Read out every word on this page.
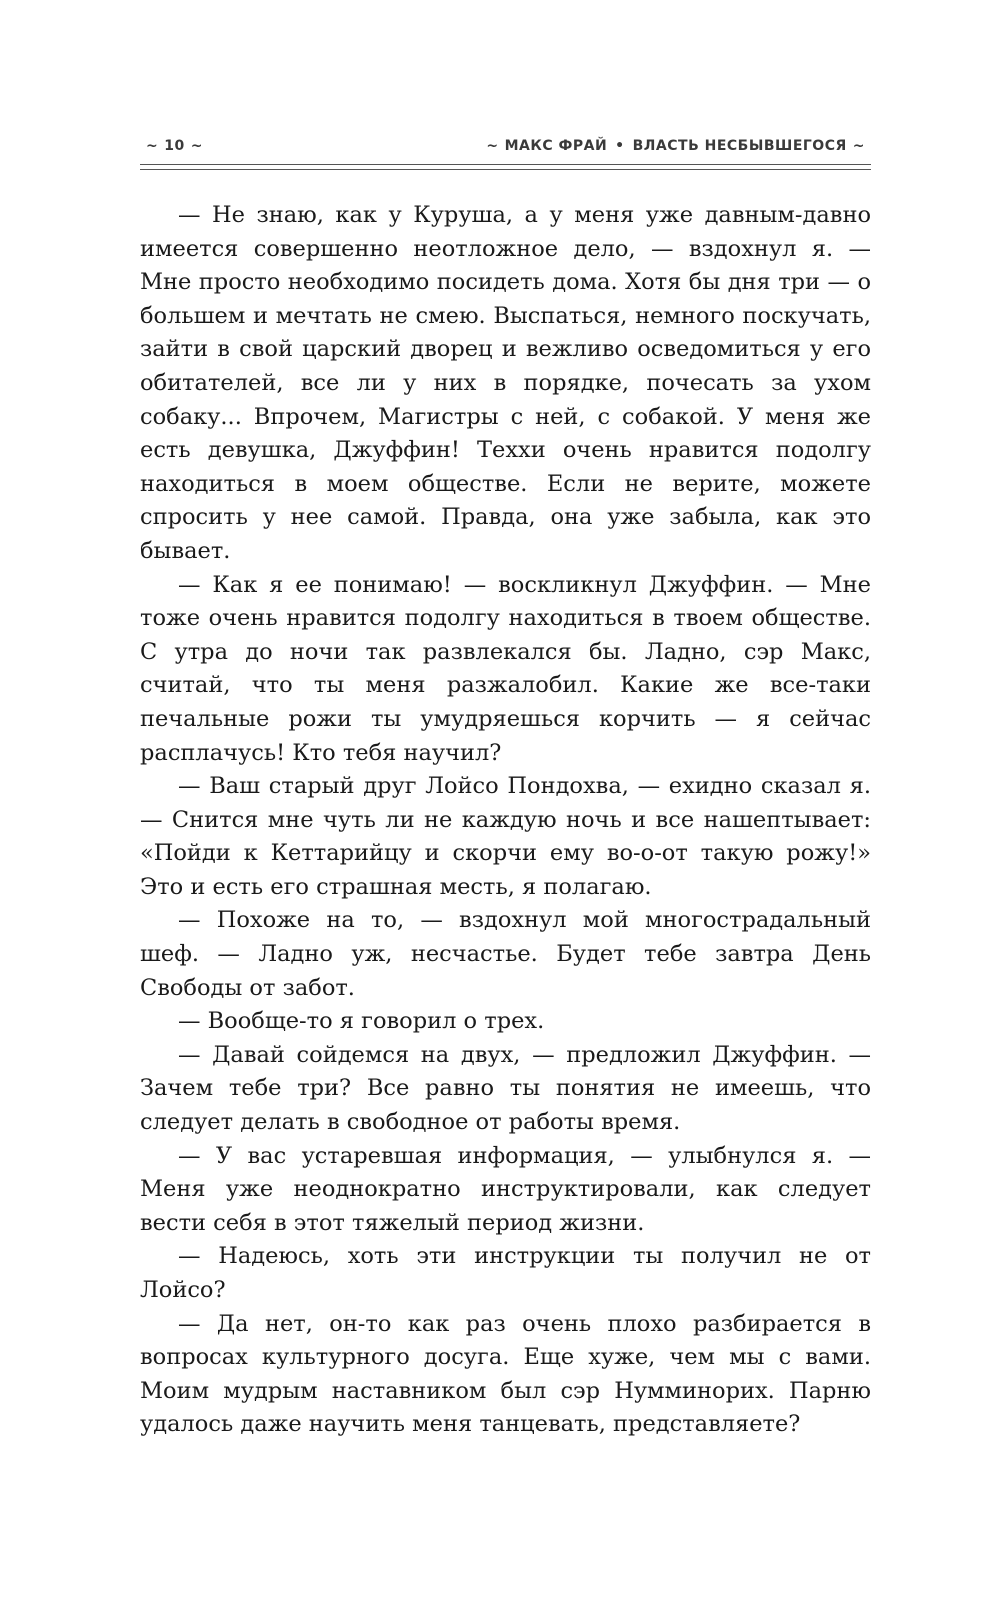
~ 10 ~	~ МАКС ФРАЙ • ВЛАСТЬ НЕСБЫВШЕГОСЯ ~

— Не знаю, как у Куруша, а у меня уже давным-давно имеется совершенно неотложное дело, — вздохнул я. — Мне просто необходимо посидеть дома. Хотя бы дня три — о большем и мечтать не смею. Выспаться, немного поскучать, зайти в свой царский дворец и вежливо осведомиться у его обитателей, все ли у них в порядке, почесать за ухом собаку... Впрочем, Магистры с ней, с собакой. У меня же есть девушка, Джуффин! Теххи очень нравится подолгу находиться в моем обществе. Если не верите, можете спросить у нее самой. Правда, она уже забыла, как это бывает.

— Как я ее понимаю! — воскликнул Джуффин. — Мне тоже очень нравится подолгу находиться в твоем обществе. С утра до ночи так развлекался бы. Ладно, сэр Макс, считай, что ты меня разжалобил. Какие же все-таки печальные рожи ты умудряешься корчить — я сейчас расплачусь! Кто тебя научил?

— Ваш старый друг Лойсо Пондохва, — ехидно сказал я. — Снится мне чуть ли не каждую ночь и все нашептывает: «Пойди к Кеттарийцу и скорчи ему во-о-от такую рожу!» Это и есть его страшная месть, я полагаю.

— Похоже на то, — вздохнул мой многострадальный шеф. — Ладно уж, несчастье. Будет тебе завтра День Свободы от забот.

— Вообще-то я говорил о трех.

— Давай сойдемся на двух, — предложил Джуффин. — Зачем тебе три? Все равно ты понятия не имеешь, что следует делать в свободное от работы время.

— У вас устаревшая информация, — улыбнулся я. — Меня уже неоднократно инструктировали, как следует вести себя в этот тяжелый период жизни.

— Надеюсь, хоть эти инструкции ты получил не от Лойсо?

— Да нет, он-то как раз очень плохо разбирается в вопросах культурного досуга. Еще хуже, чем мы с вами. Моим мудрым наставником был сэр Нумминорих. Парню удалось даже научить меня танцевать, представляете?
